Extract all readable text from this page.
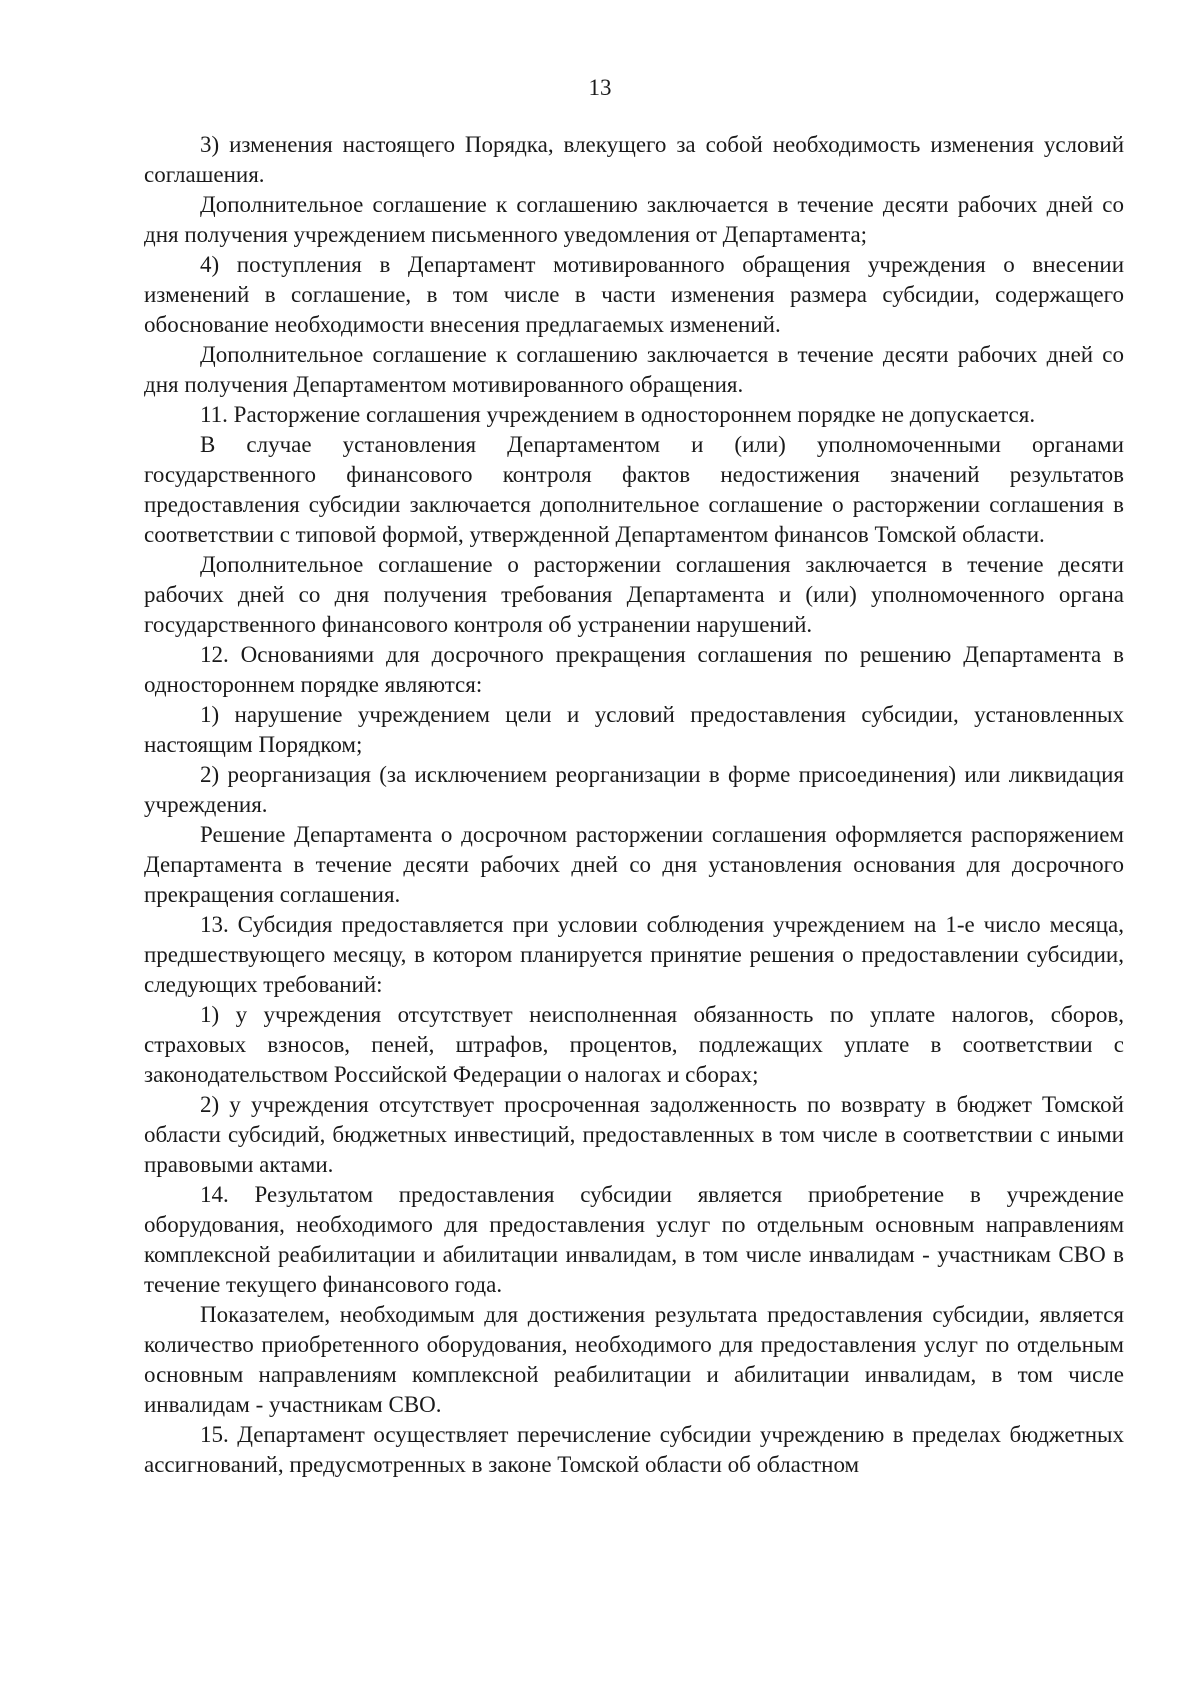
13

3) изменения настоящего Порядка, влекущего за собой необходимость изменения условий соглашения.

Дополнительное соглашение к соглашению заключается в течение десяти рабочих дней со дня получения учреждением письменного уведомления от Департамента;

4) поступления в Департамент мотивированного обращения учреждения о внесении изменений в соглашение, в том числе в части изменения размера субсидии, содержащего обоснование необходимости внесения предлагаемых изменений.

Дополнительное соглашение к соглашению заключается в течение десяти рабочих дней со дня получения Департаментом мотивированного обращения.

11. Расторжение соглашения учреждением в одностороннем порядке не допускается.

В случае установления Департаментом и (или) уполномоченными органами государственного финансового контроля фактов недостижения значений результатов предоставления субсидии заключается дополнительное соглашение о расторжении соглашения в соответствии с типовой формой, утвержденной Департаментом финансов Томской области.

Дополнительное соглашение о расторжении соглашения заключается в течение десяти рабочих дней со дня получения требования Департамента и (или) уполномоченного органа государственного финансового контроля об устранении нарушений.

12. Основаниями для досрочного прекращения соглашения по решению Департамента в одностороннем порядке являются:

1) нарушение учреждением цели и условий предоставления субсидии, установленных настоящим Порядком;

2) реорганизация (за исключением реорганизации в форме присоединения) или ликвидация учреждения.

Решение Департамента о досрочном расторжении соглашения оформляется распоряжением Департамента в течение десяти рабочих дней со дня установления основания для досрочного прекращения соглашения.

13. Субсидия предоставляется при условии соблюдения учреждением на 1-е число месяца, предшествующего месяцу, в котором планируется принятие решения о предоставлении субсидии, следующих требований:

1) у учреждения отсутствует неисполненная обязанность по уплате налогов, сборов, страховых взносов, пеней, штрафов, процентов, подлежащих уплате в соответствии с законодательством Российской Федерации о налогах и сборах;

2) у учреждения отсутствует просроченная задолженность по возврату в бюджет Томской области субсидий, бюджетных инвестиций, предоставленных в том числе в соответствии с иными правовыми актами.

14. Результатом предоставления субсидии является приобретение в учреждение оборудования, необходимого для предоставления услуг по отдельным основным направлениям комплексной реабилитации и абилитации инвалидам, в том числе инвалидам - участникам СВО в течение текущего финансового года.

Показателем, необходимым для достижения результата предоставления субсидии, является количество приобретенного оборудования, необходимого для предоставления услуг по отдельным основным направлениям комплексной реабилитации и абилитации инвалидам, в том числе инвалидам - участникам СВО.

15. Департамент осуществляет перечисление субсидии учреждению в пределах бюджетных ассигнований, предусмотренных в законе Томской области об областном
